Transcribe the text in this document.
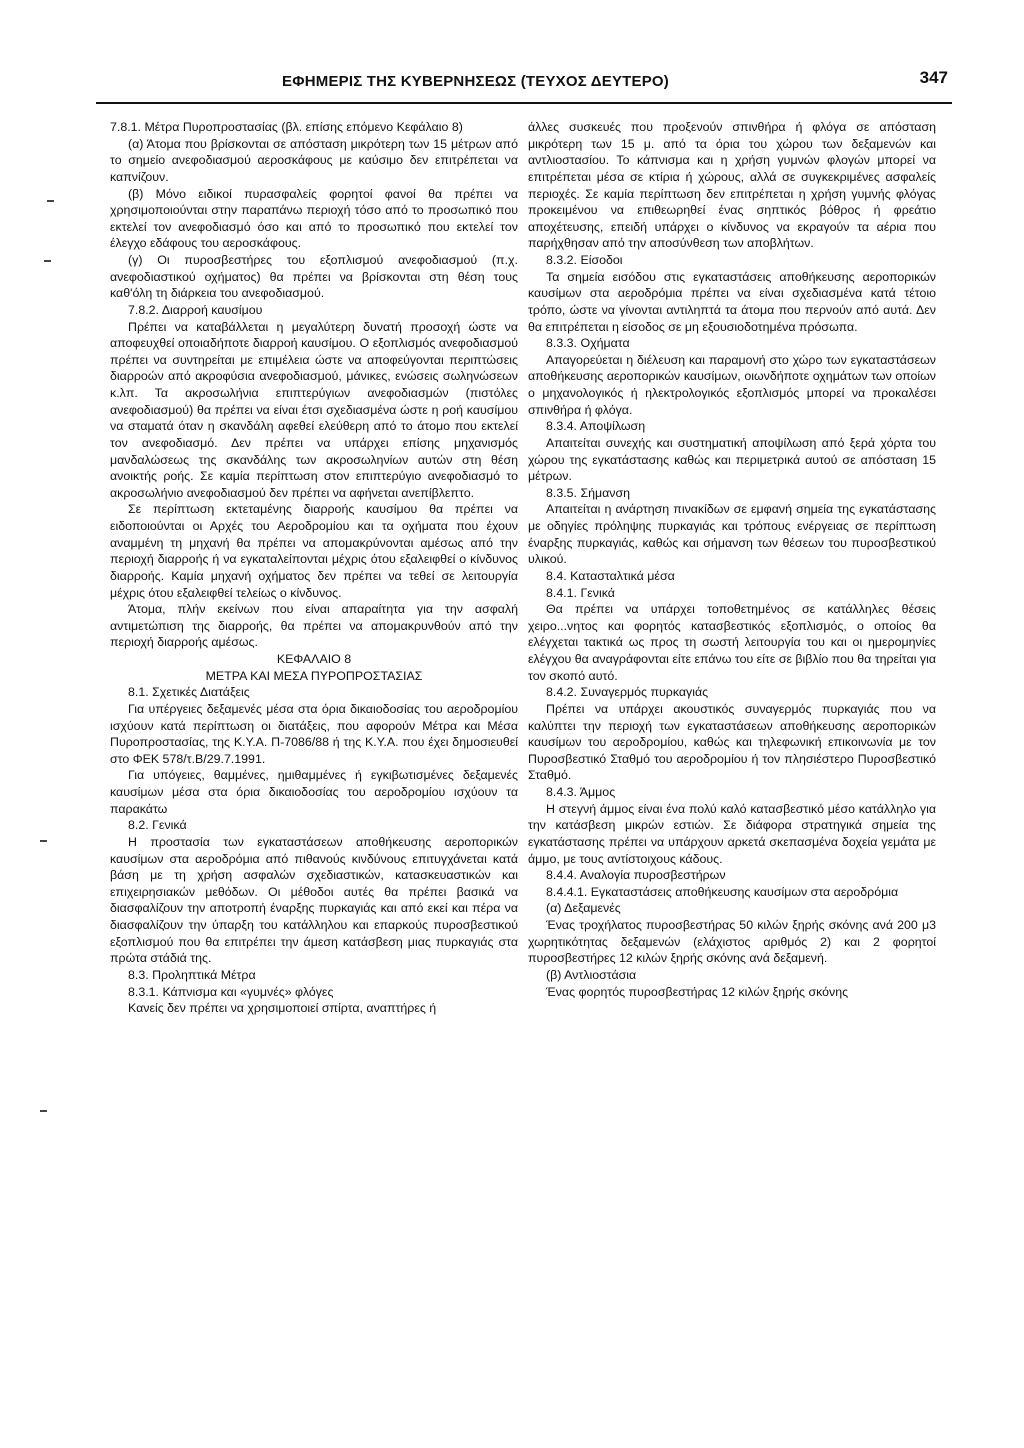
ΕΦΗΜΕΡΙΣ ΤΗΣ ΚΥΒΕΡΝΗΣΕΩΣ (ΤΕΥΧΟΣ ΔΕΥΤΕΡΟ)	347

7.8.1. Μέτρα Πυροπροστασίας (βλ. επίσης επόμενο Κεφάλαιο 8)

(α) Άτομα που βρίσκονται σε απόσταση μικρότερη των 15 μέτρων από το σημείο ανεφοδιασμού αεροσκάφους με καύσιμο δεν επιτρέπεται να καπνίζουν.

(β) Μόνο ειδικοί πυρασφαλείς φορητοί φανοί θα πρέπει να χρησιμοποιούνται στην παραπάνω περιοχή τόσο από το προσωπικό που εκτελεί τον ανεφοδιασμό όσο και από το προσωπικό που εκτελεί τον έλεγχο εδάφους του αεροσκάφους.

(γ) Οι πυροσβεστήρες του εξοπλισμού ανεφοδιασμού (π.χ. ανεφοδιαστικού οχήματος) θα πρέπει να βρίσκονται στη θέση τους καθ'όλη τη διάρκεια του ανεφοδιασμού.

7.8.2. Διαρροή καυσίμου

Πρέπει να καταβάλλεται η μεγαλύτερη δυνατή προσοχή ώστε να αποφευχθεί οποιαδήποτε διαρροή καυσίμου. Ο εξοπλισμός ανεφοδιασμού πρέπει να συντηρείται με επιμέλεια ώστε να αποφεύγονται περιπτώσεις διαρροών από ακροφύσια ανεφοδιασμού, μάνικες, ενώσεις σωληνώσεων κ.λπ. Τα ακροσωλήνια επιπτερύγιων ανεφοδιασμών (πιστόλες ανεφοδιασμού) θα πρέπει να είναι έτσι σχεδιασμένα ώστε η ροή καυσίμου να σταματά όταν η σκανδάλη αφεθεί ελεύθερη από το άτομο που εκτελεί τον ανεφοδιασμό. Δεν πρέπει να υπάρχει επίσης μηχανισμός μανδαλώσεως της σκανδάλης των ακροσωληνίων αυτών στη θέση ανοικτής ροής. Σε καμία περίπτωση στον επιπτερύγιο ανεφοδιασμό το ακροσωλήνιο ανεφοδιασμού δεν πρέπει να αφήνεται ανεπίβλεπτο.

Σε περίπτωση εκτεταμένης διαρροής καυσίμου θα πρέπει να ειδοποιούνται οι Αρχές του Αεροδρομίου και τα οχήματα που έχουν αναμμένη τη μηχανή θα πρέπει να απομακρύνονται αμέσως από την περιοχή διαρροής ή να εγκαταλείπονται μέχρις ότου εξαλειφθεί ο κίνδυνος διαρροής. Καμία μηχανή οχήματος δεν πρέπει να τεθεί σε λειτουργία μέχρις ότου εξαλειφθεί τελείως ο κίνδυνος.

Άτομα, πλήν εκείνων που είναι απαραίτητα για την ασφαλή αντιμετώπιση της διαρροής, θα πρέπει να απομακρυνθούν από την περιοχή διαρροής αμέσως.

ΚΕΦΑΛΑΙΟ 8

ΜΕΤΡΑ ΚΑΙ ΜΕΣΑ ΠΥΡΟΠΡΟΣΤΑΣΙΑΣ

8.1. Σχετικές Διατάξεις

Για υπέργειες δεξαμενές μέσα στα όρια δικαιοδοσίας του αεροδρομίου ισχύουν κατά περίπτωση οι διατάξεις, που αφορούν Μέτρα και Μέσα Πυροπροστασίας, της Κ.Υ.Α. Π-7086/88 ή της Κ.Υ.Α. που έχει δημοσιευθεί στο ΦΕΚ 578/τ.Β/29.7.1991.

Για υπόγειες, θαμμένες, ημιθαμμένες ή εγκιβωτισμένες δεξαμενές καυσίμων μέσα στα όρια δικαιοδοσίας του αεροδρομίου ισχύουν τα παρακάτω

8.2. Γενικά

Η προστασία των εγκαταστάσεων αποθήκευσης αεροπορικών καυσίμων στα αεροδρόμια από πιθανούς κινδύνους επιτυγχάνεται κατά βάση με τη χρήση ασφαλών σχεδιαστικών, κατασκευαστικών και επιχειρησιακών μεθόδων. Οι μέθοδοι αυτές θα πρέπει βασικά να διασφαλίζουν την αποτροπή έναρξης πυρκαγιάς και από εκεί και πέρα να διασφαλίζουν την ύπαρξη του κατάλληλου και επαρκούς πυροσβεστικού εξοπλισμού που θα επιτρέπει την άμεση κατάσβεση μιας πυρκαγιάς στα πρώτα στάδιά της.

8.3. Προληπτικά Μέτρα

8.3.1. Κάπνισμα και «γυμνές» φλόγες

Κανείς δεν πρέπει να χρησιμοποιεί σπίρτα, αναπτήρες ή

άλλες συσκευές που προξενούν σπινθήρα ή φλόγα σε απόσταση μικρότερη των 15 μ. από τα όρια του χώρου των δεξαμενών και αντλιοστασίου. Το κάπνισμα και η χρήση γυμνών φλογών μπορεί να επιτρέπεται μέσα σε κτίρια ή χώρους, αλλά σε συγκεκριμένες ασφαλείς περιοχές. Σε καμία περίπτωση δεν επιτρέπεται η χρήση γυμνής φλόγας προκειμένου να επιθεωρηθεί ένας σηπτικός βόθρος ή φρεάτιο αποχέτευσης, επειδή υπάρχει ο κίνδυνος να εκραγούν τα αέρια που παρήχθησαν από την αποσύνθεση των αποβλήτων.

8.3.2. Είσοδοι

Τα σημεία εισόδου στις εγκαταστάσεις αποθήκευσης αεροπορικών καυσίμων στα αεροδρόμια πρέπει να είναι σχεδιασμένα κατά τέτοιο τρόπο, ώστε να γίνονται αντιληπτά τα άτομα που περνούν από αυτά. Δεν θα επιτρέπεται η είσοδος σε μη εξουσιοδοτημένα πρόσωπα.

8.3.3. Οχήματα

Απαγορεύεται η διέλευση και παραμονή στο χώρο των εγκαταστάσεων αποθήκευσης αεροπορικών καυσίμων, οιωνδήποτε οχημάτων των οποίων ο μηχανολογικός ή ηλεκτρολογικός εξοπλισμός μπορεί να προκαλέσει σπινθήρα ή φλόγα.

8.3.4. Αποψίλωση

Απαιτείται συνεχής και συστηματική αποψίλωση από ξερά χόρτα του χώρου της εγκατάστασης καθώς και περιμετρικά αυτού σε απόσταση 15 μέτρων.

8.3.5. Σήμανση

Απαιτείται η ανάρτηση πινακίδων σε εμφανή σημεία της εγκατάστασης με οδηγίες πρόληψης πυρκαγιάς και τρόπους ενέργειας σε περίπτωση έναρξης πυρκαγιάς, καθώς και σήμανση των θέσεων του πυροσβεστικού υλικού.

8.4. Κατασταλτικά μέσα

8.4.1. Γενικά

Θα πρέπει να υπάρχει τοποθετημένος σε κατάλληλες θέσεις χειρο...νητος και φορητός κατασβεστικός εξοπλισμός, ο οποίος θα ελέγχεται τακτικά ως προς τη σωστή λειτουργία του και οι ημερομηνίες ελέγχου θα αναγράφονται είτε επάνω του είτε σε βιβλίο που θα τηρείται για τον σκοπό αυτό.

8.4.2. Συναγερμός πυρκαγιάς

Πρέπει να υπάρχει ακουστικός συναγερμός πυρκαγιάς που να καλύπτει την περιοχή των εγκαταστάσεων αποθήκευσης αεροπορικών καυσίμων του αεροδρομίου, καθώς και τηλεφωνική επικοινωνία με τον Πυροσβεστικό Σταθμό του αεροδρομίου ή τον πλησιέστερο Πυροσβεστικό Σταθμό.

8.4.3. Άμμος

Η στεγνή άμμος είναι ένα πολύ καλό κατασβεστικό μέσο κατάλληλο για την κατάσβεση μικρών εστιών. Σε διάφορα στρατηγικά σημεία της εγκατάστασης πρέπει να υπάρχουν αρκετά σκεπασμένα δοχεία γεμάτα με άμμο, με τους αντίστοιχους κάδους.

8.4.4. Αναλογία πυροσβεστήρων

8.4.4.1. Εγκαταστάσεις αποθήκευσης καυσίμων στα αεροδρόμια

(α) Δεξαμενές

Ένας τροχήλατος πυροσβεστήρας 50 κιλών ξηρής σκόνης ανά 200 μ3 χωρητικότητας δεξαμενών (ελάχιστος αριθμός 2) και 2 φορητοί πυροσβεστήρες 12 κιλών ξηρής σκόνης ανά δεξαμενή.

(β) Αντλιοστάσια

Ένας φορητός πυροσβεστήρας 12 κιλών ξηρής σκόνης
